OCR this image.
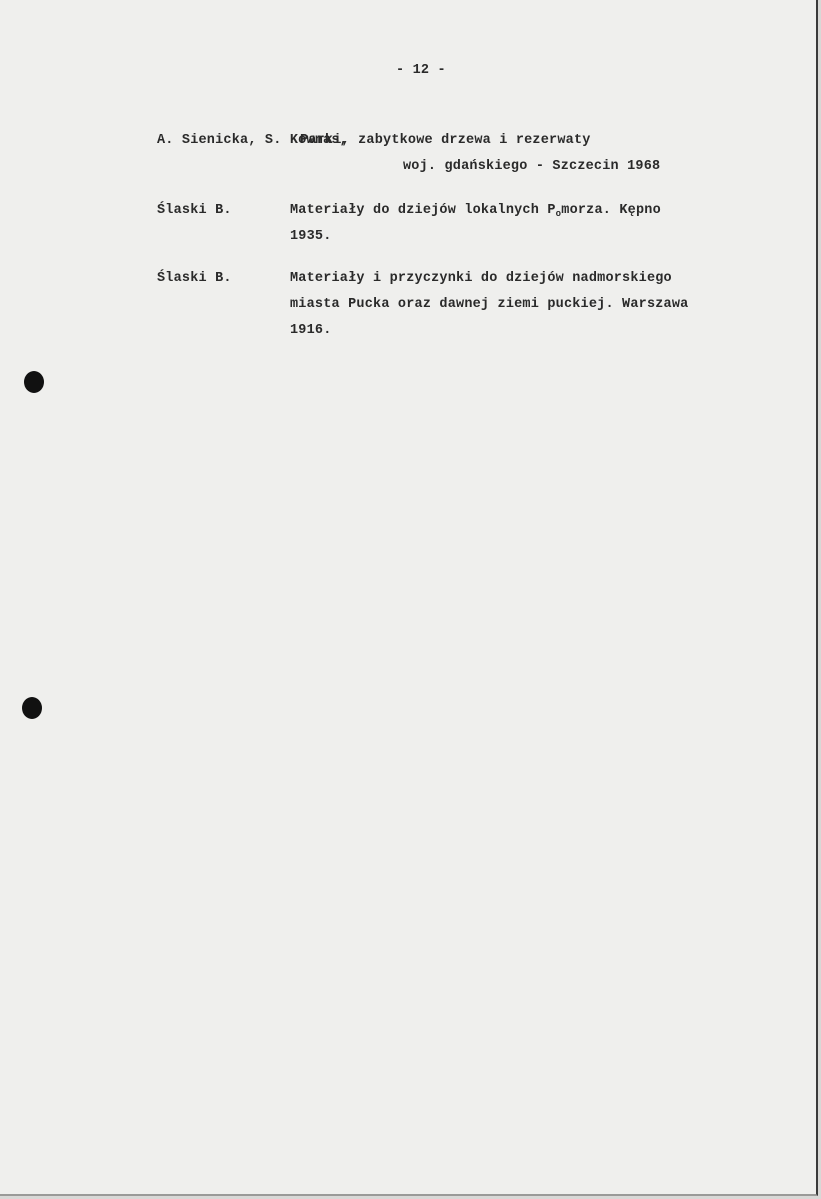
- 12 -
A. Sienicka, S. Kownas,
Parki, zabytkowe drzewa i rezerwaty
woj. gdańskiego - Szczecin 1968
Ślaski B.	Materiały do dziejów lokalnych $P_omorza$. Kępno
1935.
Ślaski B.	Materiały i przyczynki do dziejów nadmorskiego
miasta Pucka oraz dawnej ziemi puckiej. Warszawa
1916.
